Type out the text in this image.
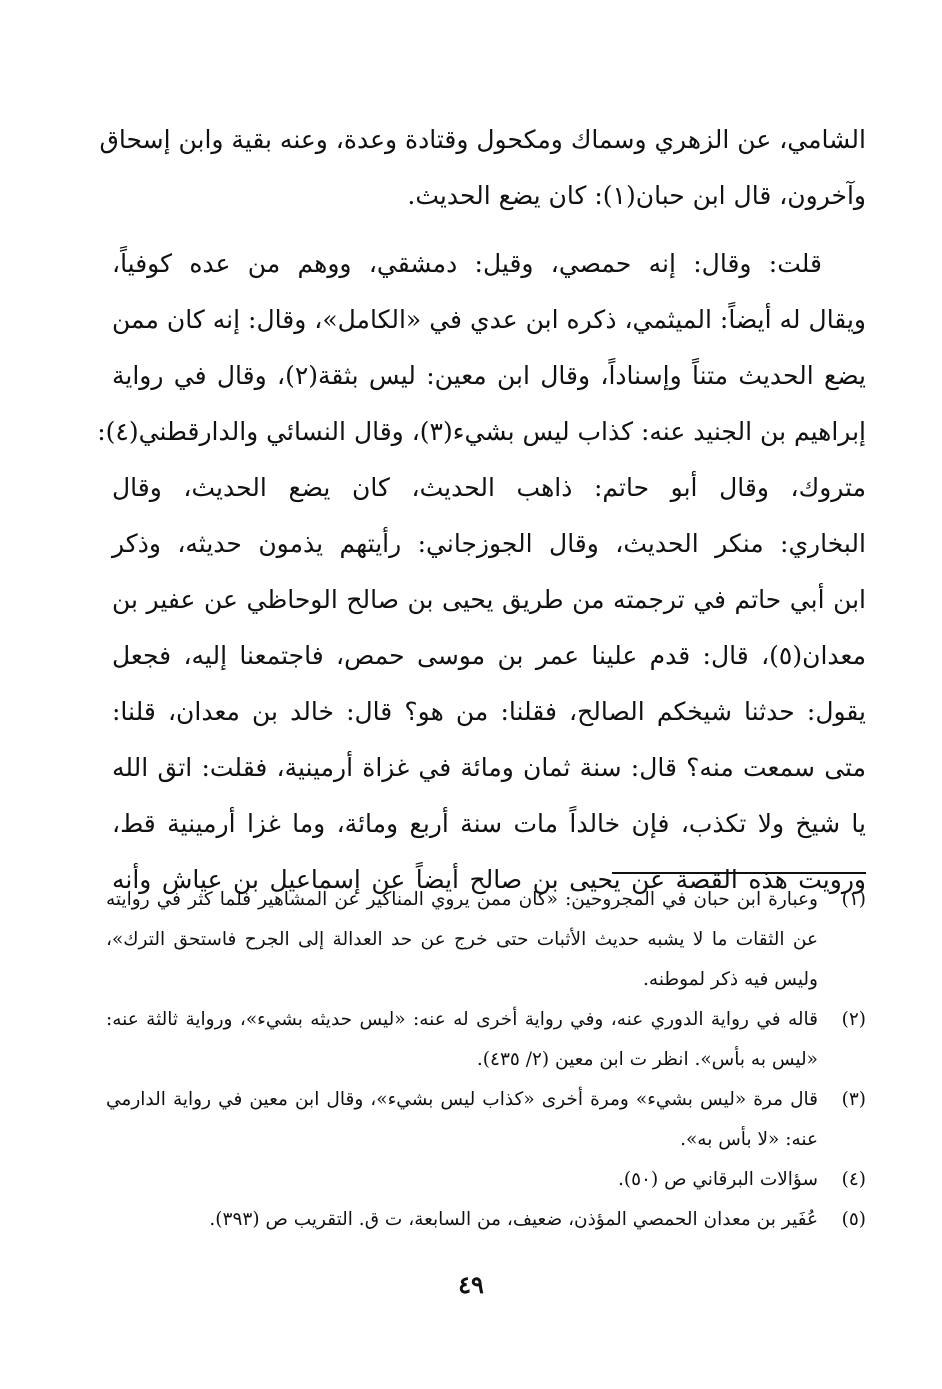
الشامي، عن الزهري وسماك ومكحول وقتادة وعدة، وعنه بقية وابن إسحاق
وآخرون، قال ابن حبان(١): كان يضع الحديث.
قلت: وقال: إنه حمصي، وقيل: دمشقي، ووهم من عده كوفياً،
ويقال له أيضاً: الميثمي، ذكره ابن عدي في «الكامل»، وقال: إنه كان ممن
يضع الحديث متناً وإسناداً، وقال ابن معين: ليس بثقة(٢)، وقال في رواية
إبراهيم بن الجنيد عنه: كذاب ليس بشيء(٣)، وقال النسائي والدارقطني(٤):
متروك، وقال أبو حاتم: ذاهب الحديث، كان يضع الحديث، وقال
البخاري: منكر الحديث، وقال الجوزجاني: رأيتهم يذمون حديثه، وذكر
ابن أبي حاتم في ترجمته من طريق يحيى بن صالح الوحاظي عن عفير بن
معدان(٥)، قال: قدم علينا عمر بن موسى حمص، فاجتمعنا إليه، فجعل
يقول: حدثنا شيخكم الصالح، فقلنا: من هو؟ قال: خالد بن معدان، قلنا:
متى سمعت منه؟ قال: سنة ثمان ومائة في غزاة أرمينية، فقلت: اتق الله
يا شيخ ولا تكذب، فإن خالداً مات سنة أربع ومائة، وما غزا أرمينية قط،
ورويت هذه القصة عن يحيى بن صالح أيضاً عن إسماعيل بن عياش وأنه
(١)
وعبارة ابن حبان في المجروحين: «كان ممن يروي المناكير عن المشاهير فلما كثر في روايته عن الثقات ما لا يشبه حديث الأثبات حتى خرج عن حد العدالة إلى الجرح فاستحق الترك»، وليس فيه ذكر لموطنه.
(٢)
قاله في رواية الدوري عنه، وفي رواية أخرى له عنه: «ليس حديثه بشيء»، ورواية ثالثة عنه: «ليس به بأس». انظر ت ابن معين (٢/ ٤٣٥).
(٣)
قال مرة «ليس بشيء» ومرة أخرى «كذاب ليس بشيء»، وقال ابن معين في رواية الدارمي عنه: «لا بأس به».
(٤)
سؤالات البرقاني ص (٥٠).
(٥)
عُفَير بن معدان الحمصي المؤذن، ضعيف، من السابعة، ت ق. التقريب ص (٣٩٣).
٤٩
